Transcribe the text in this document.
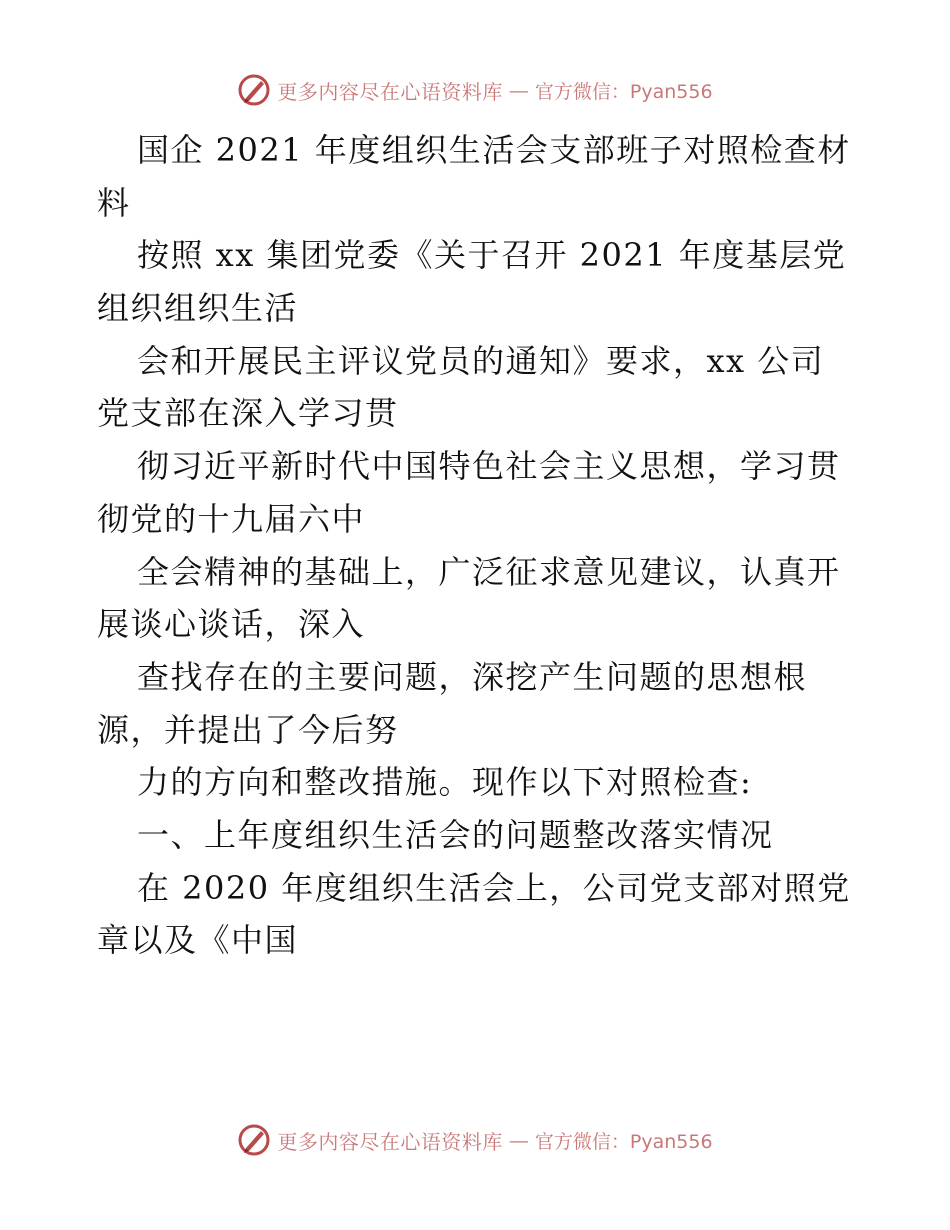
更多内容尽在心语资料库 — 官方微信：Pyan556
国企 2021 年度组织生活会支部班子对照检查材
料
按照 xx 集团党委《关于召开 2021 年度基层党
组织组织生活
会和开展民主评议党员的通知》要求，xx 公司
党支部在深入学习贯
彻习近平新时代中国特色社会主义思想，学习贯
彻党的十九届六中
全会精神的基础上，广泛征求意见建议，认真开
展谈心谈话，深入
查找存在的主要问题，深挖产生问题的思想根
源，并提出了今后努
力的方向和整改措施。现作以下对照检查:
一、上年度组织生活会的问题整改落实情况
在 2020 年度组织生活会上，公司党支部对照党
章以及《中国
更多内容尽在心语资料库 — 官方微信：Pyan556
